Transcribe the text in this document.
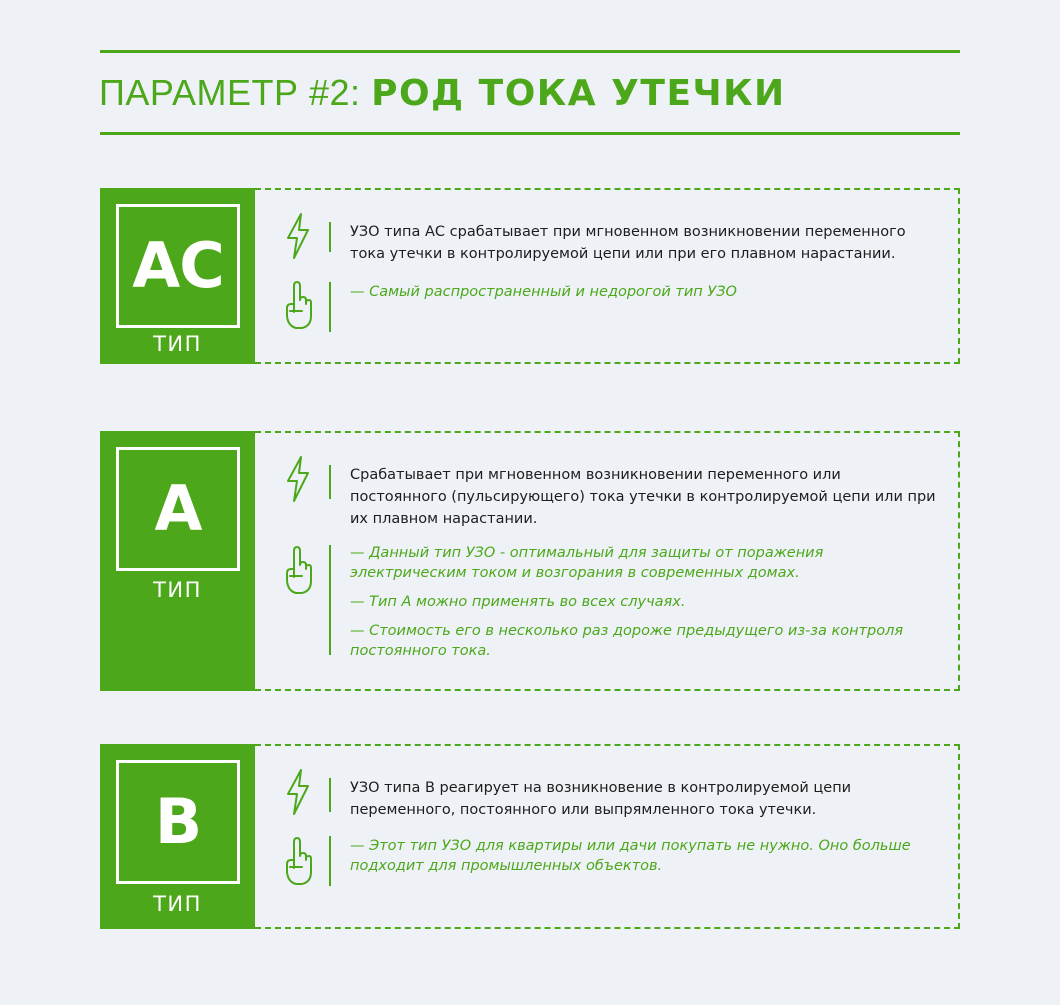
ПАРАМЕТР #2: РОД ТОКА УТЕЧКИ
AC
ТИП
УЗО типа АС срабатывает при мгновенном возникновении переменного тока утечки в контролируемой цепи или при его плавном нарастании.

— Самый распространенный и недорогой тип УЗО

A
ТИП
Срабатывает при мгновенном возникновении переменного или постоянного (пульсирующего) тока утечки в контролируемой цепи или при их плавном нарастании.

— Данный тип УЗО - оптимальный для защиты от поражения электрическим током и возгорания в современных домах.

— Тип А можно применять во всех случаях.

— Стоимость его в несколько раз дороже предыдущего из-за контроля постоянного тока.

B
ТИП
УЗО типа В реагирует на возникновение в контролируемой цепи переменного, постоянного или выпрямленного тока утечки.

— Этот тип УЗО для квартиры или дачи покупать не нужно. Оно больше подходит для промышленных объектов.
